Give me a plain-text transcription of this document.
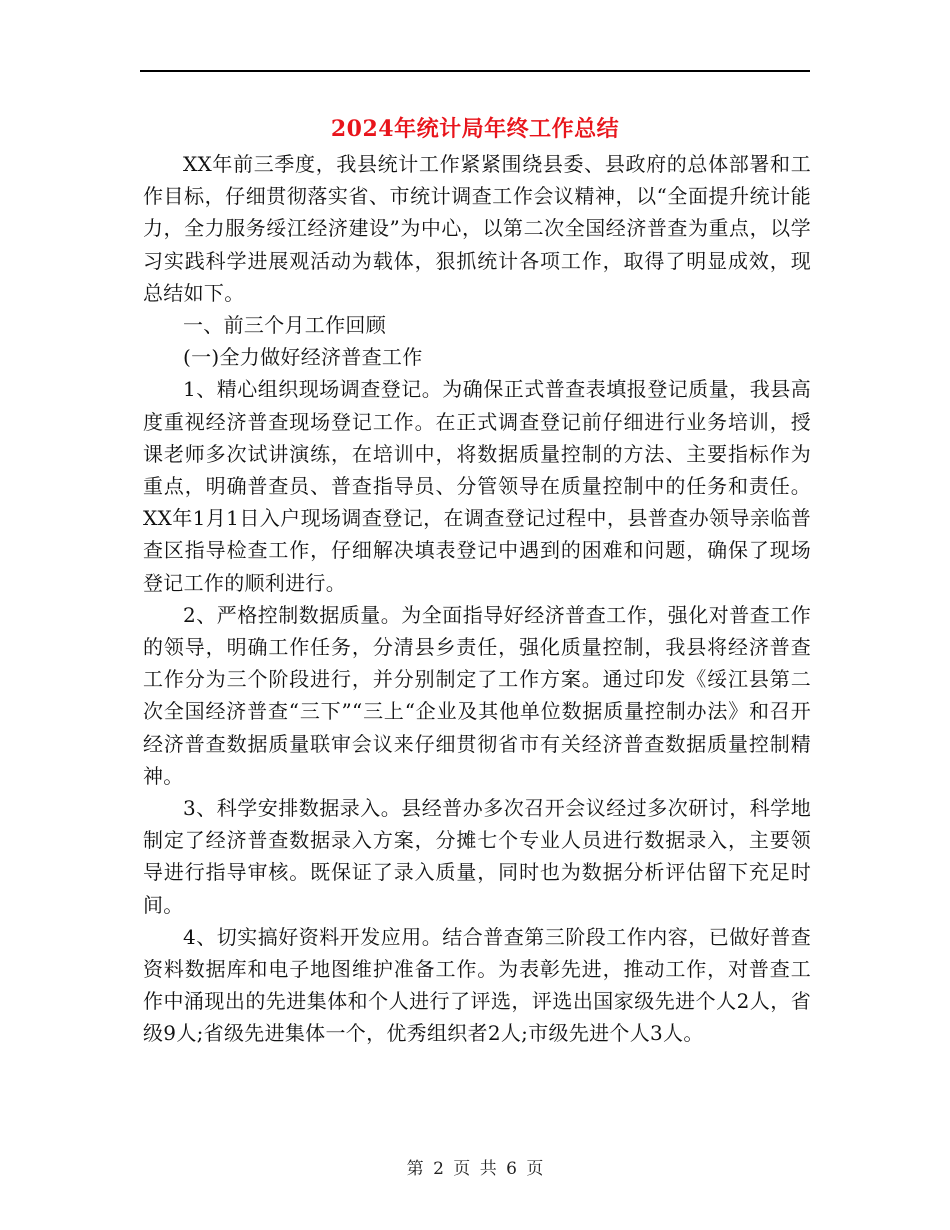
2024年统计局年终工作总结

XX年前三季度，我县统计工作紧紧围绕县委、县政府的总体部署和工作目标，仔细贯彻落实省、市统计调查工作会议精神，以“全面提升统计能力，全力服务绥江经济建设”为中心，以第二次全国经济普查为重点，以学习实践科学进展观活动为载体，狠抓统计各项工作，取得了明显成效，现总结如下。

一、前三个月工作回顾

(一)全力做好经济普查工作

1、精心组织现场调查登记。为确保正式普查表填报登记质量，我县高度重视经济普查现场登记工作。在正式调查登记前仔细进行业务培训，授课老师多次试讲演练，在培训中，将数据质量控制的方法、主要指标作为重点，明确普查员、普查指导员、分管领导在质量控制中的任务和责任。XX年1月1日入户现场调查登记，在调查登记过程中，县普查办领导亲临普查区指导检查工作，仔细解决填表登记中遇到的困难和问题，确保了现场登记工作的顺利进行。

2、严格控制数据质量。为全面指导好经济普查工作，强化对普查工作的领导，明确工作任务，分清县乡责任，强化质量控制，我县将经济普查工作分为三个阶段进行，并分别制定了工作方案。通过印发《绥江县第二次全国经济普查“三下”“三上“企业及其他单位数据质量控制办法》和召开经济普查数据质量联审会议来仔细贯彻省市有关经济普查数据质量控制精神。

3、科学安排数据录入。县经普办多次召开会议经过多次研讨，科学地制定了经济普查数据录入方案，分摊七个专业人员进行数据录入，主要领导进行指导审核。既保证了录入质量，同时也为数据分析评估留下充足时间。

4、切实搞好资料开发应用。结合普查第三阶段工作内容，已做好普查资料数据库和电子地图维护准备工作。为表彰先进，推动工作，对普查工作中涌现出的先进集体和个人进行了评选，评选出国家级先进个人2人，省级9人;省级先进集体一个，优秀组织者2人;市级先进个人3人。

第 2 页 共 6 页
